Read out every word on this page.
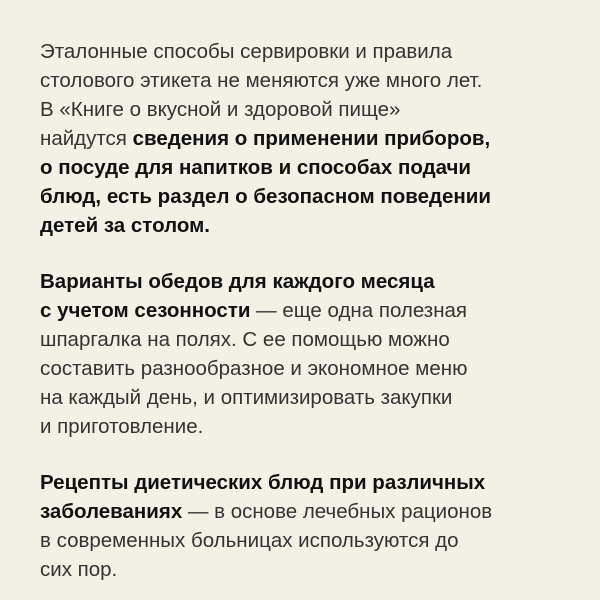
Эталонные способы сервировки и правила
столового этикета не меняются уже много лет.
В «Книге о вкусной и здоровой пище»
найдутся сведения о применении приборов,
о посуде для напитков и способах подачи
блюд, есть раздел о безопасном поведении
детей за столом.

Варианты обедов для каждого месяца
с учетом сезонности — еще одна полезная
шпаргалка на полях. С ее помощью можно
составить разнообразное и экономное меню
на каждый день, и оптимизировать закупки
и приготовление.

Рецепты диетических блюд при различных
заболеваниях — в основе лечебных рационов
в современных больницах используются до
сих пор.
